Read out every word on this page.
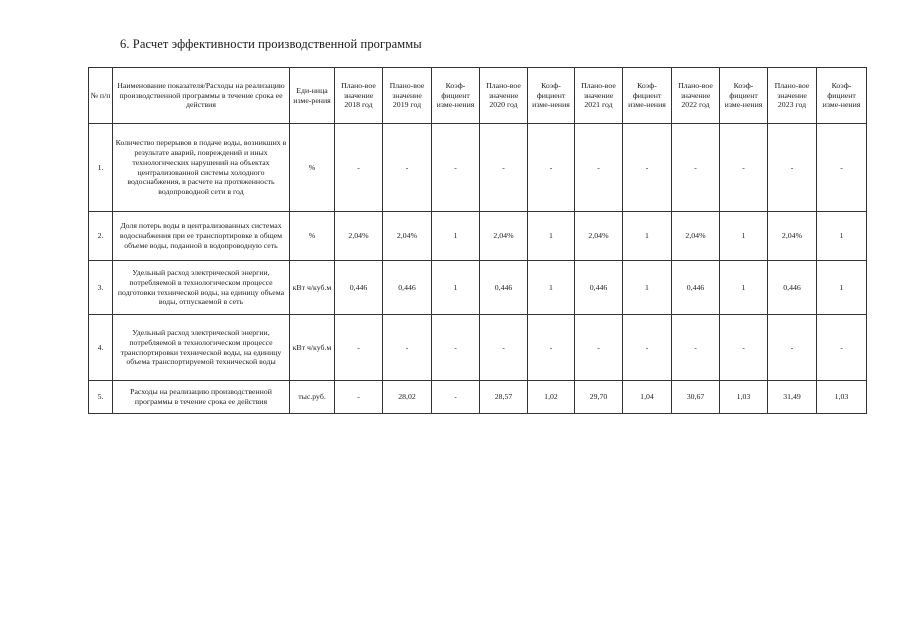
6. Расчет эффективности производственной программы
№ п/п	Наименование показателя/Расходы на реализацию производственной программы в течение срока ее действия	Еди-ница изме-рения	Плано-вое значение 2018 год	Плано-вое значение 2019 год	Коэф-фициент изме-нения	Плано-вое значение 2020 год	Коэф-фициент изме-нения	Плано-вое значение 2021 год	Коэф-фициент изме-нения	Плано-вое значение 2022 год	Коэф-фициент изме-нения	Плано-вое значение 2023 год	Коэф-фициент изме-нения
1.	Количество перерывов в подаче воды, возникших в результате аварий, повреждений и иных технологических нарушений на объектах централизованной системы холодного водоснабжения, в расчете на протяженность водопроводной сети в год	%	-	-	-	-	-	-	-	-	-	-	-
2.	Доля потерь воды в централизованных системах водоснабжения при ее транспортировке в общем объеме воды, поданной в водопроводную сеть	%	2,04%	2,04%	1	2,04%	1	2,04%	1	2,04%	1	2,04%	1
3.	Удельный расход электрической энергии, потребляемой в технологическом процессе подготовки технической воды, на единицу объема воды, отпускаемой в сеть	кВт ч/куб.м	0,446	0,446	1	0,446	1	0,446	1	0,446	1	0,446	1
4.	Удельный расход электрической энергии, потребляемой в технологическом процессе транспортировки технической воды, на единицу объема транспортируемой технической воды	кВт ч/куб.м	-	-	-	-	-	-	-	-	-	-	-
5.	Расходы на реализацию производственной программы в течение срока ее действия	тыс.руб.	-	28,02	-	28,57	1,02	29,70	1,04	30,67	1,03	31,49	1,03
